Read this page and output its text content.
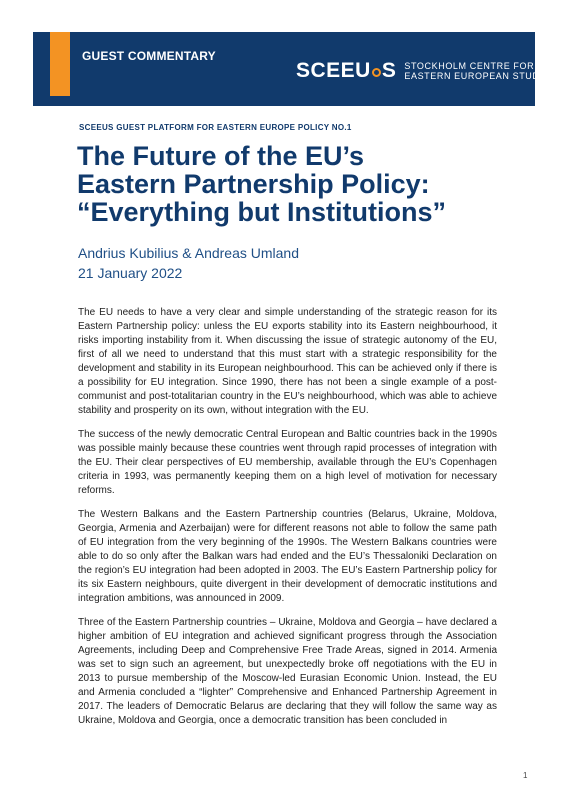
GUEST COMMENTARY
SCEEU S STOCKHOLM CENTRE FOR
EASTERN EUROPEAN STUDIES
SCEEUS GUEST PLATFORM FOR EASTERN EUROPE POLICY NO.1
The Future of the EU’s
Eastern Partnership Policy:
“Everything but Institutions”
Andrius Kubilius & Andreas Umland
21 January 2022

The EU needs to have a very clear and simple understanding of the strategic reason for its Eastern Partnership policy: unless the EU exports stability into its Eastern neighbourhood, it risks importing instability from it. When discussing the issue of strategic autonomy of the EU, first of all we need to understand that this must start with a strategic responsibility for the development and stability in its European neighbourhood. This can be achieved only if there is a possibility for EU integration. Since 1990, there has not been a single example of a post-communist and post-totalitarian country in the EU’s neighbourhood, which was able to achieve stability and prosperity on its own, without integration with the EU.

The success of the newly democratic Central European and Baltic countries back in the 1990s was possible mainly because these countries went through rapid processes of integration with the EU. Their clear perspectives of EU membership, available through the EU’s Copenhagen criteria in 1993, was permanently keeping them on a high level of motivation for necessary reforms.

The Western Balkans and the Eastern Partnership countries (Belarus, Ukraine, Moldova, Georgia, Armenia and Azerbaijan) were for different reasons not able to follow the same path of EU integration from the very beginning of the 1990s. The Western Balkans countries were able to do so only after the Balkan wars had ended and the EU’s Thessaloniki Declaration on the region’s EU integration had been adopted in 2003. The EU’s Eastern Partnership policy for its six Eastern neighbours, quite divergent in their development of democratic institutions and integration ambitions, was announced in 2009.

Three of the Eastern Partnership countries – Ukraine, Moldova and Georgia – have declared a higher ambition of EU integration and achieved significant progress through the Association Agreements, including Deep and Comprehensive Free Trade Areas, signed in 2014. Armenia was set to sign such an agreement, but unexpectedly broke off negotiations with the EU in 2013 to pursue membership of the Moscow-led Eurasian Economic Union. Instead, the EU and Armenia concluded a “lighter” Comprehensive and Enhanced Partnership Agreement in 2017. The leaders of Democratic Belarus are declaring that they will follow the same way as Ukraine, Moldova and Georgia, once a democratic transition has been concluded in

1
